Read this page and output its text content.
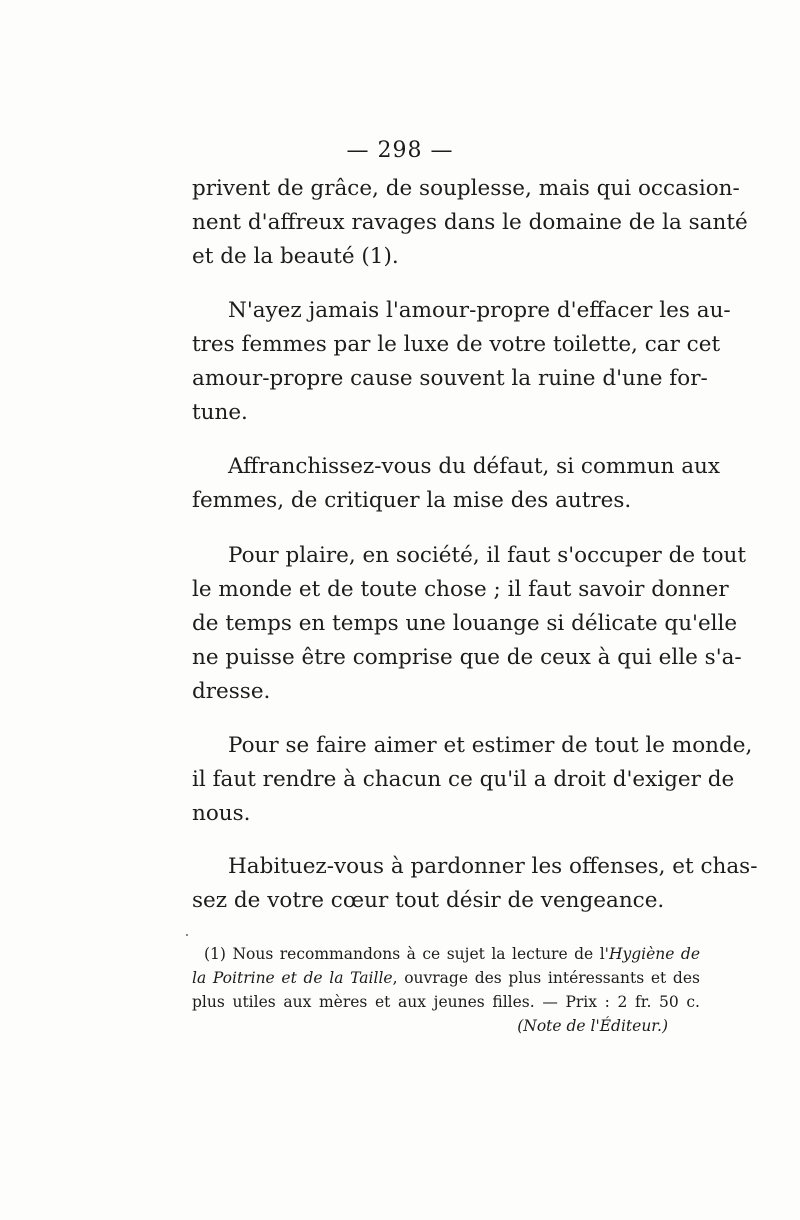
— 298 —
privent de grâce, de souplesse, mais qui occasion-
nent d'affreux ravages dans le domaine de la santé
et de la beauté (1).
N'ayez jamais l'amour-propre d'effacer les au-
tres femmes par le luxe de votre toilette, car cet
amour-propre cause souvent la ruine d'une for-
tune.
Affranchissez-vous du défaut, si commun aux
femmes, de critiquer la mise des autres.
Pour plaire, en société, il faut s'occuper de tout
le monde et de toute chose ; il faut savoir donner
de temps en temps une louange si délicate qu'elle
ne puisse être comprise que de ceux à qui elle s'a-
dresse.
Pour se faire aimer et estimer de tout le monde,
il faut rendre à chacun ce qu'il a droit d'exiger de
nous.
Habituez-vous à pardonner les offenses, et chas-
sez de votre cœur tout désir de vengeance.
(1) Nous recommandons à ce sujet la lecture de l'Hygiène de
la Poitrine et de la Taille, ouvrage des plus intéressants et des
plus utiles aux mères et aux jeunes filles. — Prix : 2 fr. 50 c.
(Note de l'Éditeur.)
